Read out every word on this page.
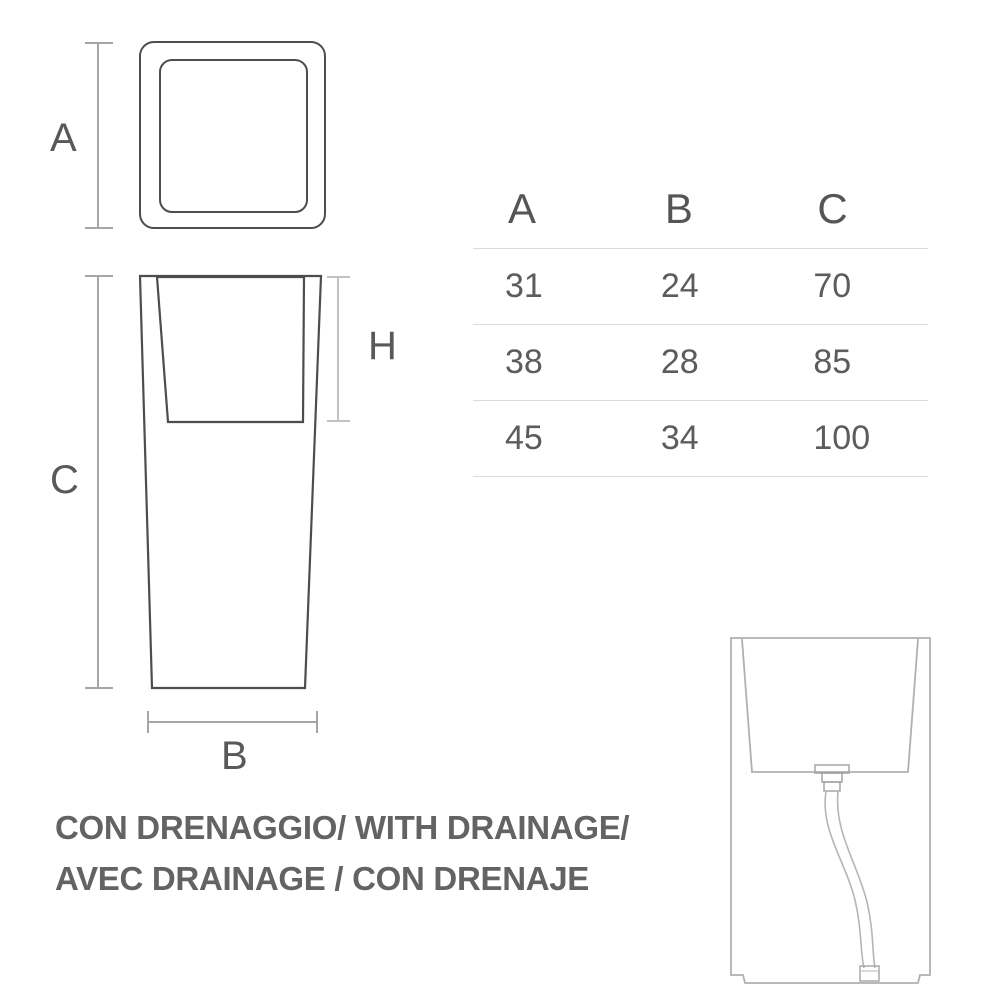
A
C
H
B
A	B	C
31	24	70
38	28	85
45	34	100
CON DRENAGGIO/ WITH DRAINAGE/
AVEC DRAINAGE / CON DRENAJE
